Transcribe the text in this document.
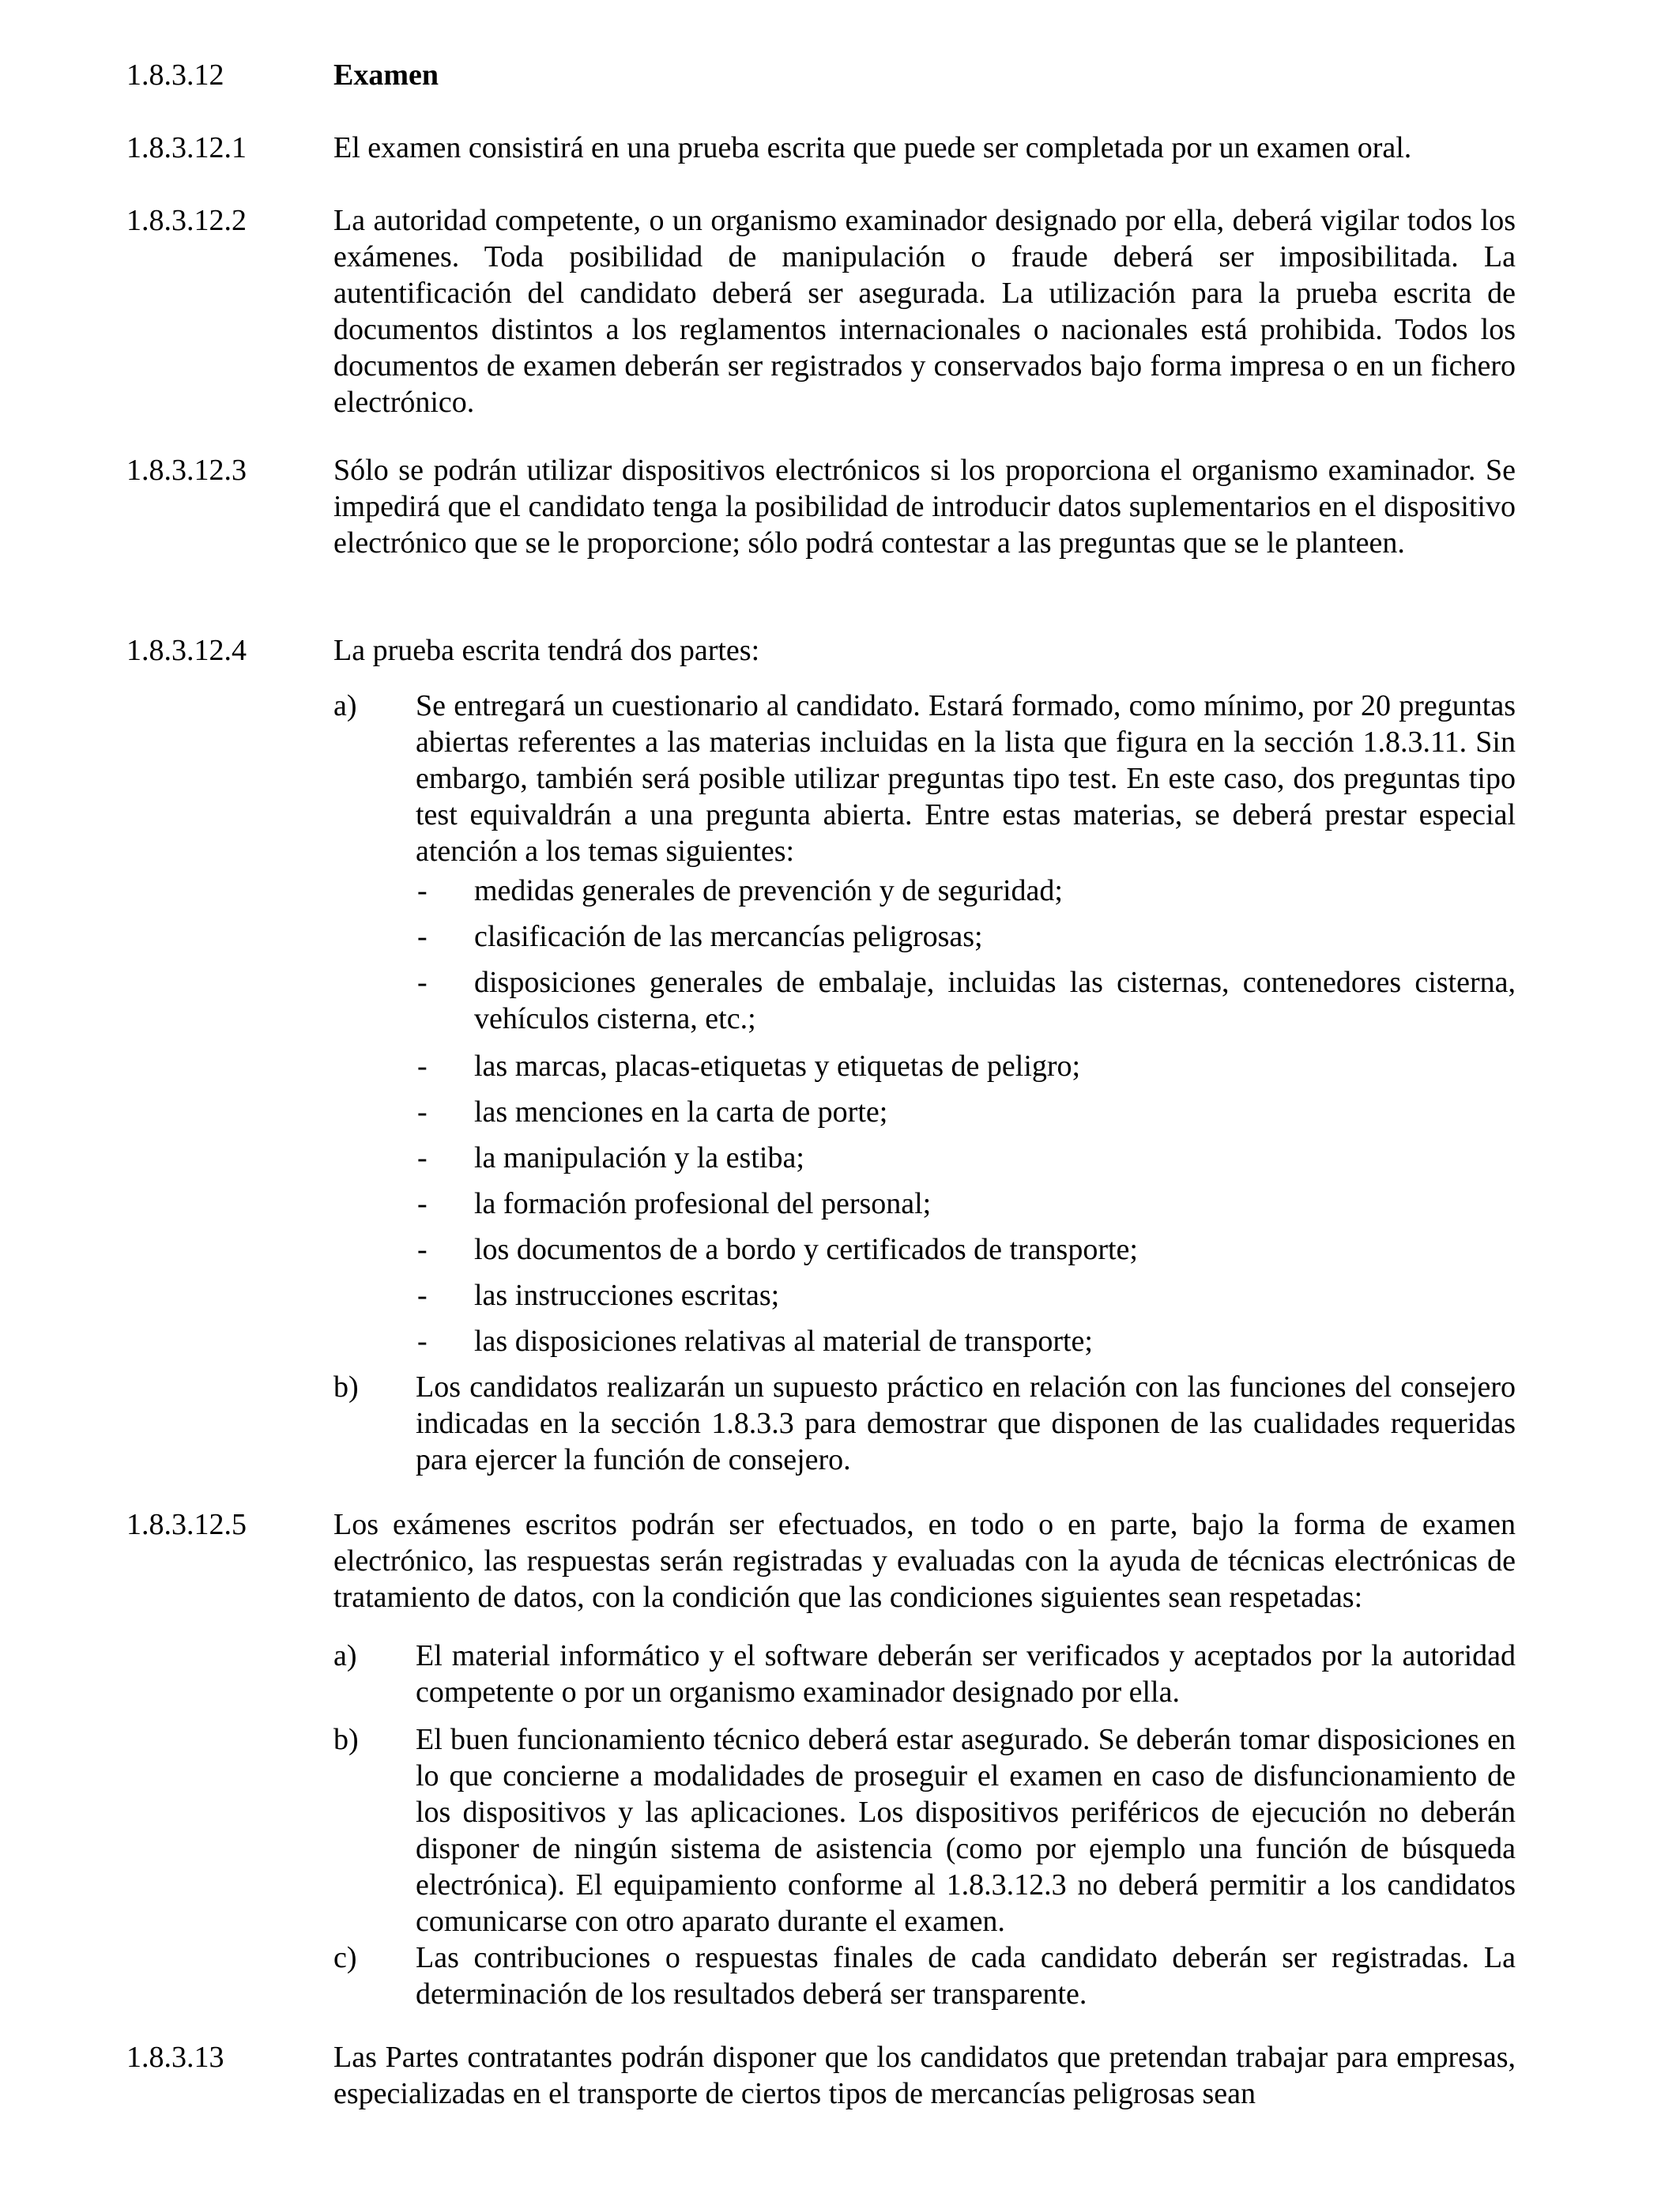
1.8.3.12	Examen
1.8.3.12.1	El examen consistirá en una prueba escrita que puede ser completada por un examen oral.
1.8.3.12.2	La autoridad competente, o un organismo examinador designado por ella, deberá vigilar todos los exámenes. Toda posibilidad de manipulación o fraude deberá ser imposibilitada. La autentificación del candidato deberá ser asegurada. La utilización para la prueba escrita de documentos distintos a los reglamentos internacionales o nacionales está prohibida. Todos los documentos de examen deberán ser registrados y conservados bajo forma impresa o en un fichero electrónico.
1.8.3.12.3	Sólo se podrán utilizar dispositivos electrónicos si los proporciona el organismo examinador. Se impedirá que el candidato tenga la posibilidad de introducir datos suplementarios en el dispositivo electrónico que se le proporcione; sólo podrá contestar a las preguntas que se le planteen.
1.8.3.12.4	La prueba escrita tendrá dos partes:
a) Se entregará un cuestionario al candidato. Estará formado, como mínimo, por 20 preguntas abiertas referentes a las materias incluidas en la lista que figura en la sección 1.8.3.11. Sin embargo, también será posible utilizar preguntas tipo test. En este caso, dos preguntas tipo test equivaldrán a una pregunta abierta. Entre estas materias, se deberá prestar especial atención a los temas siguientes:
- medidas generales de prevención y de seguridad;
- clasificación de las mercancías peligrosas;
- disposiciones generales de embalaje, incluidas las cisternas, contenedores cisterna, vehículos cisterna, etc.;
- las marcas, placas-etiquetas y etiquetas de peligro;
- las menciones en la carta de porte;
- la manipulación y la estiba;
- la formación profesional del personal;
- los documentos de a bordo y certificados de transporte;
- las instrucciones escritas;
- las disposiciones relativas al material de transporte;
b) Los candidatos realizarán un supuesto práctico en relación con las funciones del consejero indicadas en la sección 1.8.3.3 para demostrar que disponen de las cualidades requeridas para ejercer la función de consejero.
1.8.3.12.5	Los exámenes escritos podrán ser efectuados, en todo o en parte, bajo la forma de examen electrónico, las respuestas serán registradas y evaluadas con la ayuda de técnicas electrónicas de tratamiento de datos, con la condición que las condiciones siguientes sean respetadas:
a) El material informático y el software deberán ser verificados y aceptados por la autoridad competente o por un organismo examinador designado por ella.
b) El buen funcionamiento técnico deberá estar asegurado. Se deberán tomar disposiciones en lo que concierne a modalidades de proseguir el examen en caso de disfuncionamiento de los dispositivos y las aplicaciones. Los dispositivos periféricos de ejecución no deberán disponer de ningún sistema de asistencia (como por ejemplo una función de búsqueda electrónica). El equipamiento conforme al 1.8.3.12.3 no deberá permitir a los candidatos comunicarse con otro aparato durante el examen.
c) Las contribuciones o respuestas finales de cada candidato deberán ser registradas. La determinación de los resultados deberá ser transparente.
1.8.3.13	Las Partes contratantes podrán disponer que los candidatos que pretendan trabajar para empresas, especializadas en el transporte de ciertos tipos de mercancías peligrosas sean
